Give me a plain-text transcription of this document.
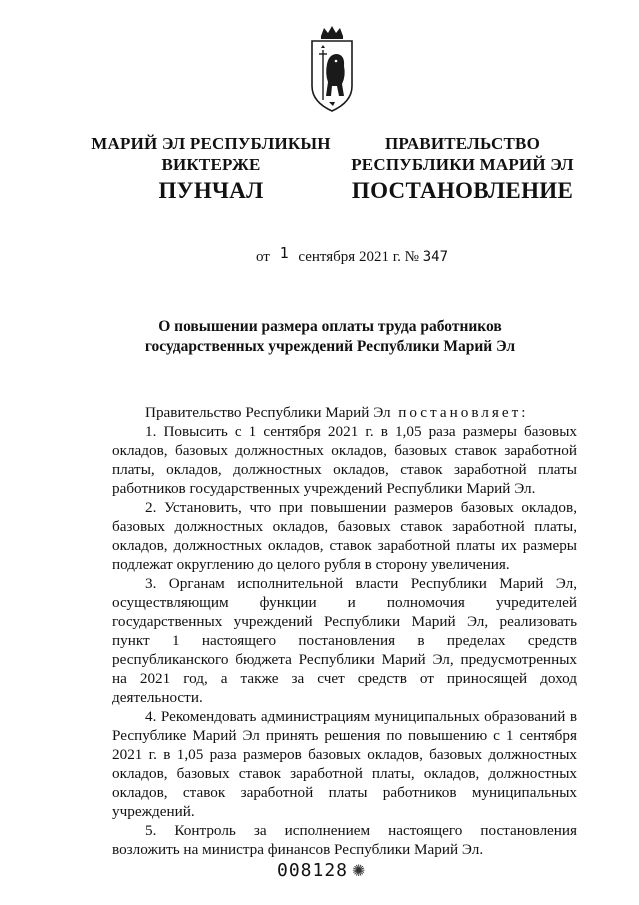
МАРИЙ ЭЛ РЕСПУБЛИКЫН
ВИКТЕРЖЕ
ПРАВИТЕЛЬСТВО
РЕСПУБЛИКИ МАРИЙ ЭЛ
ПУНЧАЛ	ПОСТАНОВЛЕНИЕ
от 1 сентября 2021 г. № 347
О повышении размера оплаты труда работников
государственных учреждений Республики Марий Эл

Правительство Республики Марий Эл постановляет:

1. Повысить с 1 сентября 2021 г. в 1,05 раза размеры базовых окладов, базовых должностных окладов, базовых ставок заработной платы, окладов, должностных окладов, ставок заработной платы работников государственных учреждений Республики Марий Эл.

2. Установить, что при повышении размеров базовых окладов, базовых должностных окладов, базовых ставок заработной платы, окладов, должностных окладов, ставок заработной платы их размеры подлежат округлению до целого рубля в сторону увеличения.

3. Органам исполнительной власти Республики Марий Эл, осуществляющим функции и полномочия учредителей государственных учреждений Республики Марий Эл, реализовать пункт 1 настоящего постановления в пределах средств республиканского бюджета Республики Марий Эл, предусмотренных на 2021 год, а также за счет средств от приносящей доход деятельности.

4. Рекомендовать администрациям муниципальных образований в Республике Марий Эл принять решения по повышению с 1 сентября 2021 г. в 1,05 раза размеров базовых окладов, базовых должностных окладов, базовых ставок заработной платы, окладов, должностных окладов, ставок заработной платы работников муниципальных учреждений.

5. Контроль за исполнением настоящего постановления возложить на министра финансов Республики Марий Эл.

008128 ✺
